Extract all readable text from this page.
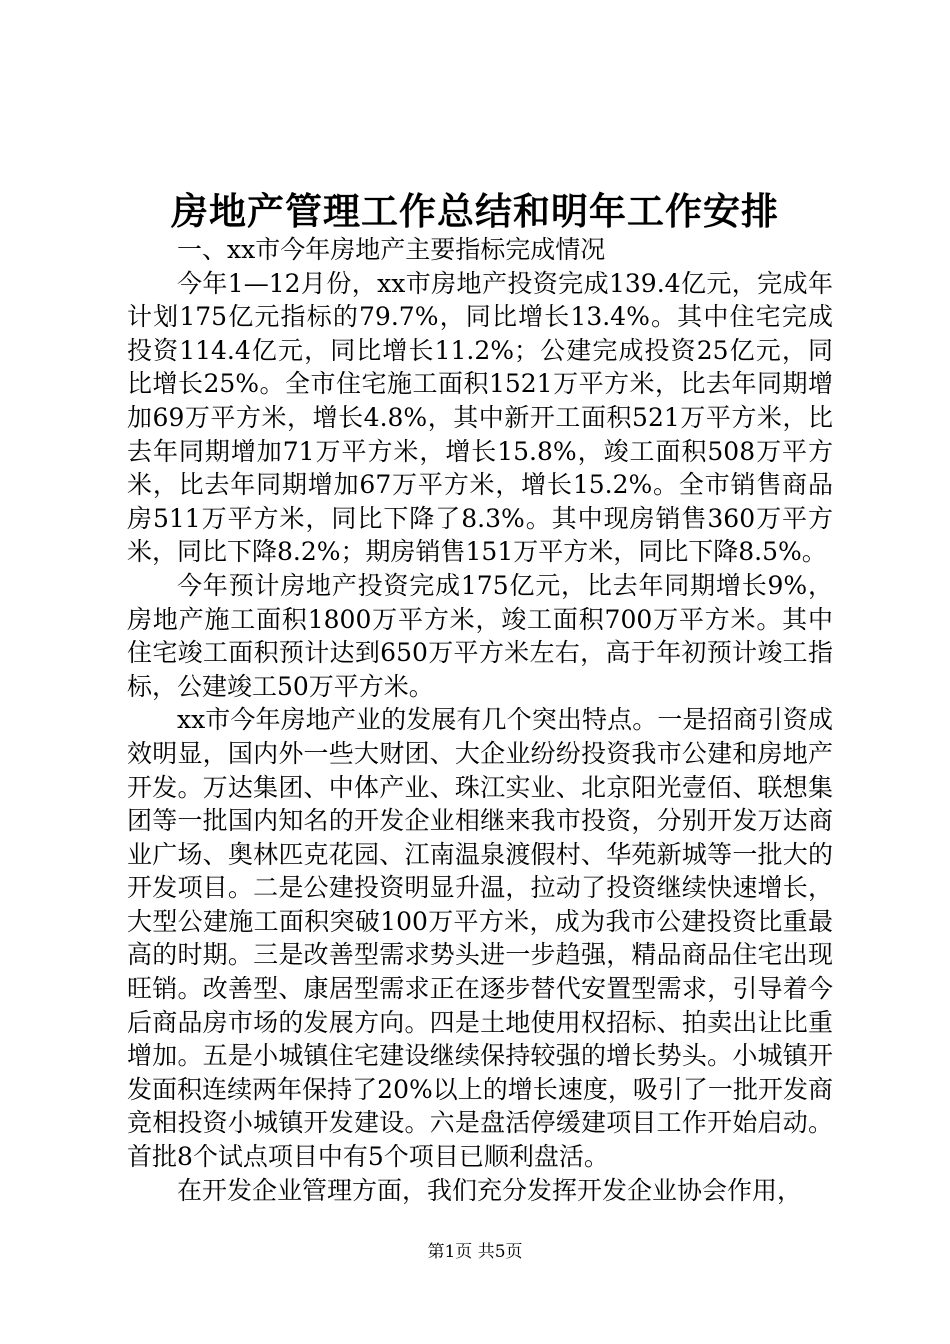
房地产管理工作总结和明年工作安排

一、xx市今年房地产主要指标完成情况

今年1—12月份，xx市房地产投资完成139.4亿元，完成年计划175亿元指标的79.7%，同比增长13.4%。其中住宅完成投资114.4亿元，同比增长11.2%；公建完成投资25亿元，同比增长25%。全市住宅施工面积1521万平方米，比去年同期增加69万平方米，增长4.8%，其中新开工面积521万平方米，比去年同期增加71万平方米，增长15.8%，竣工面积508万平方米，比去年同期增加67万平方米，增长15.2%。全市销售商品房511万平方米，同比下降了8.3%。其中现房销售360万平方米，同比下降8.2%；期房销售151万平方米，同比下降8.5%。

今年预计房地产投资完成175亿元，比去年同期增长9%，房地产施工面积1800万平方米，竣工面积700万平方米。其中住宅竣工面积预计达到650万平方米左右，高于年初预计竣工指标，公建竣工50万平方米。

xx市今年房地产业的发展有几个突出特点。一是招商引资成效明显，国内外一些大财团、大企业纷纷投资我市公建和房地产开发。万达集团、中体产业、珠江实业、北京阳光壹佰、联想集团等一批国内知名的开发企业相继来我市投资，分别开发万达商业广场、奥林匹克花园、江南温泉渡假村、华苑新城等一批大的开发项目。二是公建投资明显升温，拉动了投资继续快速增长，大型公建施工面积突破100万平方米，成为我市公建投资比重最高的时期。三是改善型需求势头进一步趋强，精品商品住宅出现旺销。改善型、康居型需求正在逐步替代安置型需求，引导着今后商品房市场的发展方向。四是土地使用权招标、拍卖出让比重增加。五是小城镇住宅建设继续保持较强的增长势头。小城镇开发面积连续两年保持了20%以上的增长速度，吸引了一批开发商竞相投资小城镇开发建设。六是盘活停缓建项目工作开始启动。首批8个试点项目中有5个项目已顺利盘活。

在开发企业管理方面，我们充分发挥开发企业协会作用，

第1页 共5页
